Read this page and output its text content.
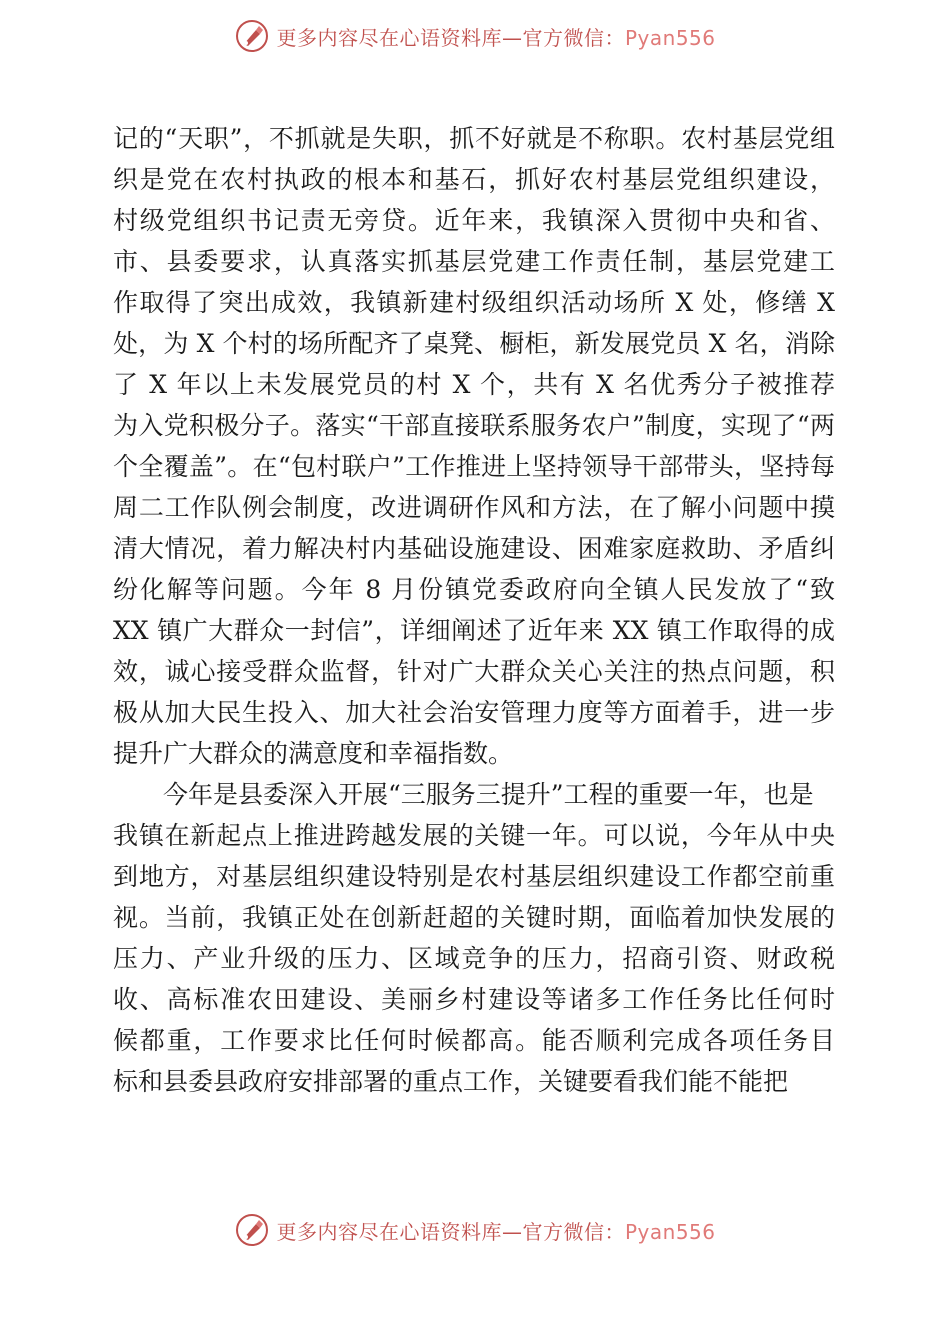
更多内容尽在心语资料库—官方微信：Pyan556
记的“天职”，不抓就是失职，抓不好就是不称职。农村基层党组
织是党在农村执政的根本和基石，抓好农村基层党组织建设，
村级党组织书记责无旁贷。近年来，我镇深入贯彻中央和省、
市、县委要求，认真落实抓基层党建工作责任制，基层党建工
作取得了突出成效，我镇新建村级组织活动场所 X 处，修缮 X
处，为 X 个村的场所配齐了桌凳、橱柜，新发展党员 X 名，消除
了 X 年以上未发展党员的村 X 个，共有 X 名优秀分子被推荐
为入党积极分子。落实“干部直接联系服务农户”制度，实现了“两
个全覆盖”。在“包村联户”工作推进上坚持领导干部带头，坚持每
周二工作队例会制度，改进调研作风和方法，在了解小问题中摸
清大情况，着力解决村内基础设施建设、困难家庭救助、矛盾纠
纷化解等问题。今年 8 月份镇党委政府向全镇人民发放了“致
XX 镇广大群众一封信”，详细阐述了近年来 XX 镇工作取得的成
效，诚心接受群众监督，针对广大群众关心关注的热点问题，积
极从加大民生投入、加大社会治安管理力度等方面着手，进一步
提升广大群众的满意度和幸福指数。
今年是县委深入开展“三服务三提升”工程的重要一年，也是
我镇在新起点上推进跨越发展的关键一年。可以说，今年从中央
到地方，对基层组织建设特别是农村基层组织建设工作都空前重
视。当前，我镇正处在创新赶超的关键时期，面临着加快发展的
压力、产业升级的压力、区域竞争的压力，招商引资、财政税
收、高标准农田建设、美丽乡村建设等诸多工作任务比任何时
候都重，工作要求比任何时候都高。能否顺利完成各项任务目
标和县委县政府安排部署的重点工作，关键要看我们能不能把
更多内容尽在心语资料库—官方微信：Pyan556
